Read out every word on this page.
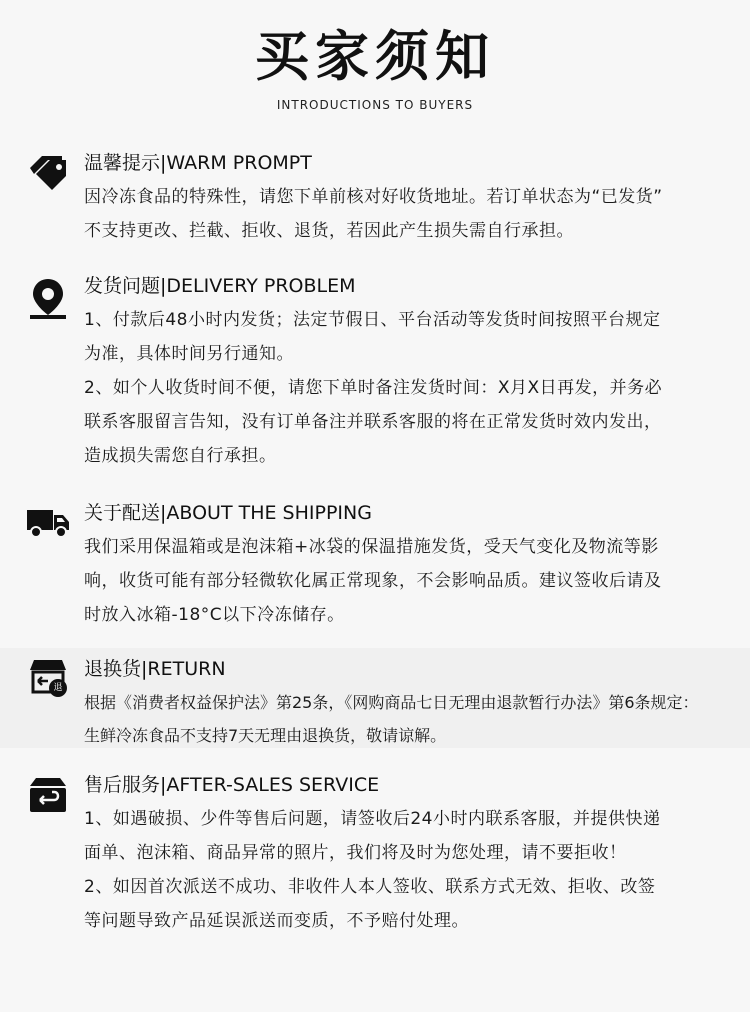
买家须知
INTRODUCTIONS TO BUYERS
温馨提示|WARM PROMPT
因冷冻食品的特殊性，请您下单前核对好收货地址。若订单状态为“已发货”
不支持更改、拦截、拒收、退货，若因此产生损失需自行承担。
发货问题|DELIVERY PROBLEM
1、付款后48小时内发货；法定节假日、平台活动等发货时间按照平台规定
为准，具体时间另行通知。
2、如个人收货时间不便，请您下单时备注发货时间：X月X日再发，并务必
联系客服留言告知，没有订单备注并联系客服的将在正常发货时效内发出，
造成损失需您自行承担。
关于配送|ABOUT THE SHIPPING
我们采用保温箱或是泡沫箱+冰袋的保温措施发货，受天气变化及物流等影
响，收货可能有部分轻微软化属正常现象，不会影响品质。建议签收后请及
时放入冰箱-18°C以下冷冻储存。
退
退换货|RETURN
根据《消费者权益保护法》第25条，《网购商品七日无理由退款暂行办法》第6条规定：
生鲜冷冻食品不支持7天无理由退换货，敬请谅解。
售后服务|AFTER-SALES SERVICE
1、如遇破损、少件等售后问题，请签收后24小时内联系客服，并提供快递
面单、泡沫箱、商品异常的照片，我们将及时为您处理，请不要拒收！
2、如因首次派送不成功、非收件人本人签收、联系方式无效、拒收、改签
等问题导致产品延误派送而变质，不予赔付处理。
